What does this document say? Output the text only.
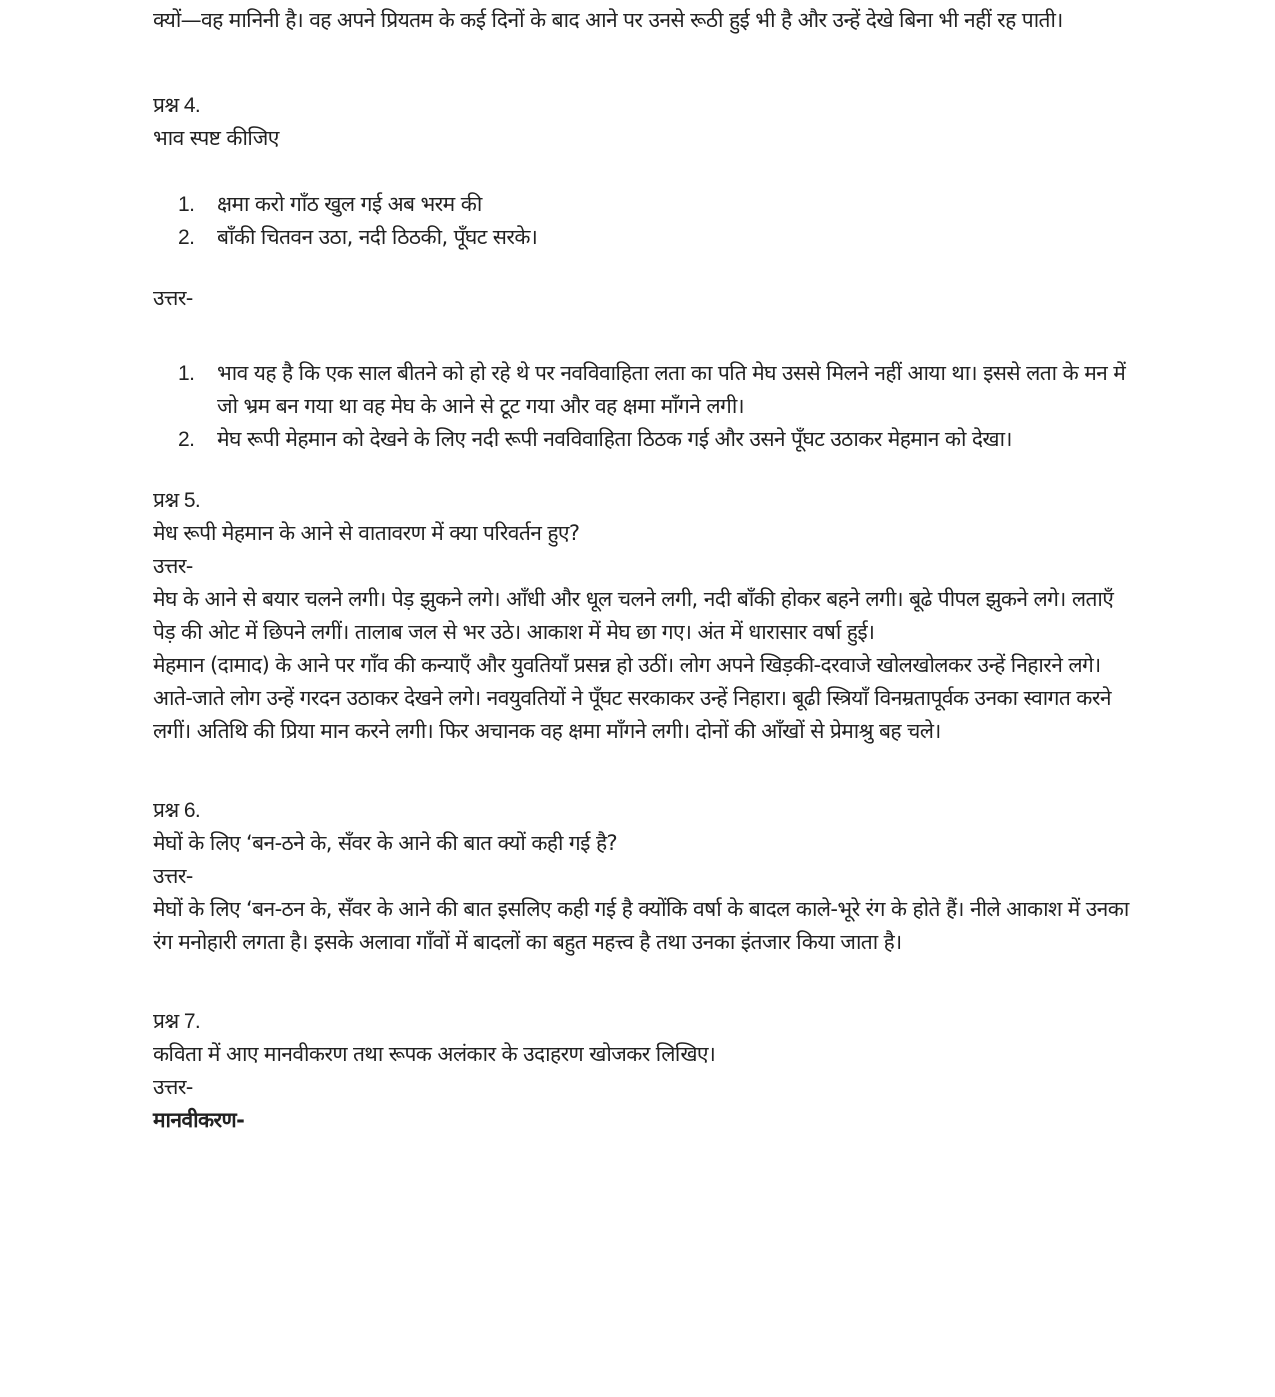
क्यों—वह मानिनी है। वह अपने प्रियतम के कई दिनों के बाद आने पर उनसे रूठी हुई भी है और उन्हें देखे बिना भी नहीं रह पाती।

प्रश्न 4.

भाव स्पष्ट कीजिए

1. क्षमा करो गाँठ खुल गई अब भरम की
2. बाँकी चितवन उठा, नदी ठिठकी, पूँघट सरके।

उत्तर-

1. भाव यह है कि एक साल बीतने को हो रहे थे पर नवविवाहिता लता का पति मेघ उससे मिलने नहीं आया था। इससे लता के मन में जो भ्रम बन गया था वह मेघ के आने से टूट गया और वह क्षमा माँगने लगी।
2. मेघ रूपी मेहमान को देखने के लिए नदी रूपी नवविवाहिता ठिठक गई और उसने पूँघट उठाकर मेहमान को देखा।

प्रश्न 5.

मेध रूपी मेहमान के आने से वातावरण में क्या परिवर्तन हुए?

उत्तर-

मेघ के आने से बयार चलने लगी। पेड़ झुकने लगे। आँधी और धूल चलने लगी, नदी बाँकी होकर बहने लगी। बूढे पीपल झुकने लगे। लताएँ पेड़ की ओट में छिपने लगीं। तालाब जल से भर उठे। आकाश में मेघ छा गए। अंत में धारासार वर्षा हुई।

मेहमान (दामाद) के आने पर गाँव की कन्याएँ और युवतियाँ प्रसन्न हो उठीं। लोग अपने खिड़की-दरवाजे खोलखोलकर उन्हें निहारने लगे। आते-जाते लोग उन्हें गरदन उठाकर देखने लगे। नवयुवतियों ने पूँघट सरकाकर उन्हें निहारा। बूढी स्त्रियाँ विनम्रतापूर्वक उनका स्वागत करने लगीं। अतिथि की प्रिया मान करने लगी। फिर अचानक वह क्षमा माँगने लगी। दोनों की आँखों से प्रेमाश्रु बह चले।

प्रश्न 6.

मेघों के लिए ‘बन-ठने के, सँवर के आने की बात क्यों कही गई है?

उत्तर-

मेघों के लिए ‘बन-ठन के, सँवर के आने की बात इसलिए कही गई है क्योंकि वर्षा के बादल काले-भूरे रंग के होते हैं। नीले आकाश में उनका रंग मनोहारी लगता है। इसके अलावा गाँवों में बादलों का बहुत महत्त्व है तथा उनका इंतजार किया जाता है।

प्रश्न 7.

कविता में आए मानवीकरण तथा रूपक अलंकार के उदाहरण खोजकर लिखिए।

उत्तर-

मानवीकरण-
